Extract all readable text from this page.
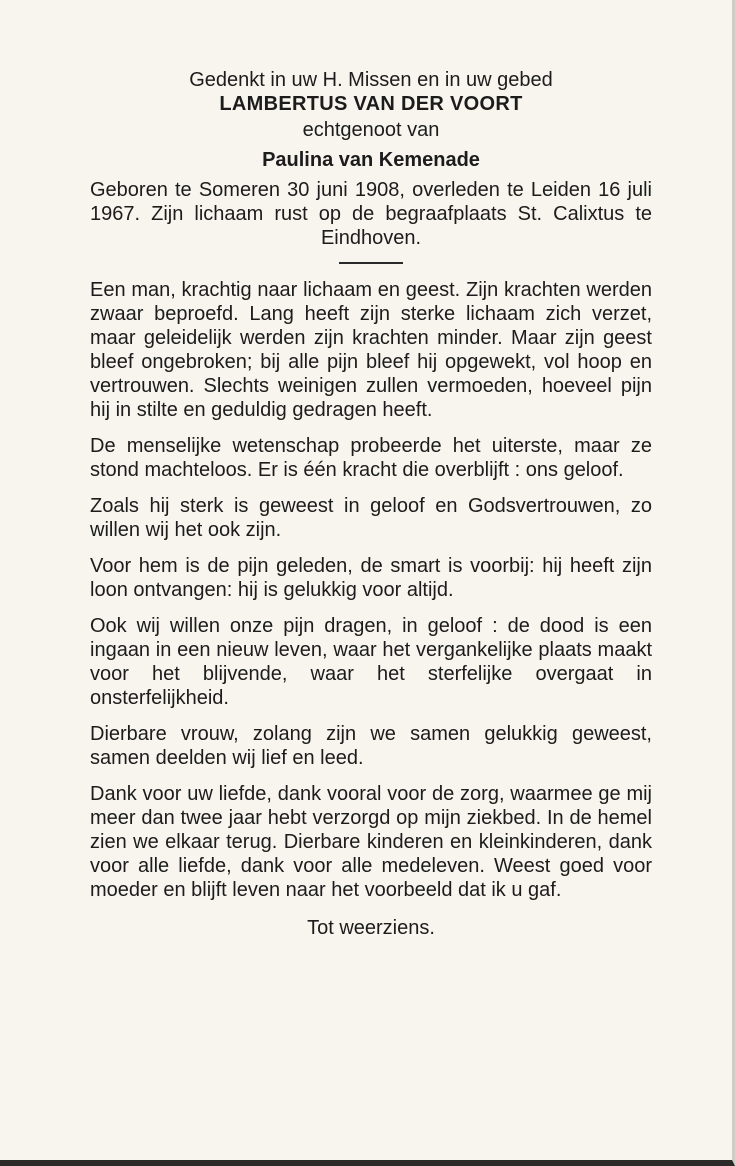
Gedenkt in uw H. Missen en in uw gebed

LAMBERTUS VAN DER VOORT

echtgenoot van

Paulina van Kemenade

Geboren te Someren 30 juni 1908, overleden te Leiden 16 juli 1967. Zijn lichaam rust op de begraafplaats St. Calixtus te Eindhoven.

Een man, krachtig naar lichaam en geest. Zijn krachten werden zwaar beproefd. Lang heeft zijn sterke lichaam zich verzet, maar geleidelijk werden zijn krachten minder. Maar zijn geest bleef ongebroken; bij alle pijn bleef hij opgewekt, vol hoop en vertrouwen. Slechts weinigen zullen vermoeden, hoeveel pijn hij in stilte en geduldig gedragen heeft.

De menselijke wetenschap probeerde het uiterste, maar ze stond machteloos. Er is één kracht die overblijft : ons geloof.

Zoals hij sterk is geweest in geloof en Godsvertrouwen, zo willen wij het ook zijn.

Voor hem is de pijn geleden, de smart is voorbij: hij heeft zijn loon ontvangen: hij is gelukkig voor altijd.

Ook wij willen onze pijn dragen, in geloof : de dood is een ingaan in een nieuw leven, waar het vergankelijke plaats maakt voor het blijvende, waar het sterfelijke overgaat in onsterfelijkheid.

Dierbare vrouw, zolang zijn we samen gelukkig geweest, samen deelden wij lief en leed.

Dank voor uw liefde, dank vooral voor de zorg, waarmee ge mij meer dan twee jaar hebt verzorgd op mijn ziekbed. In de hemel zien we elkaar terug. Dierbare kinderen en kleinkinderen, dank voor alle liefde, dank voor alle medeleven. Weest goed voor moeder en blijft leven naar het voorbeeld dat ik u gaf.

Tot weerziens.
